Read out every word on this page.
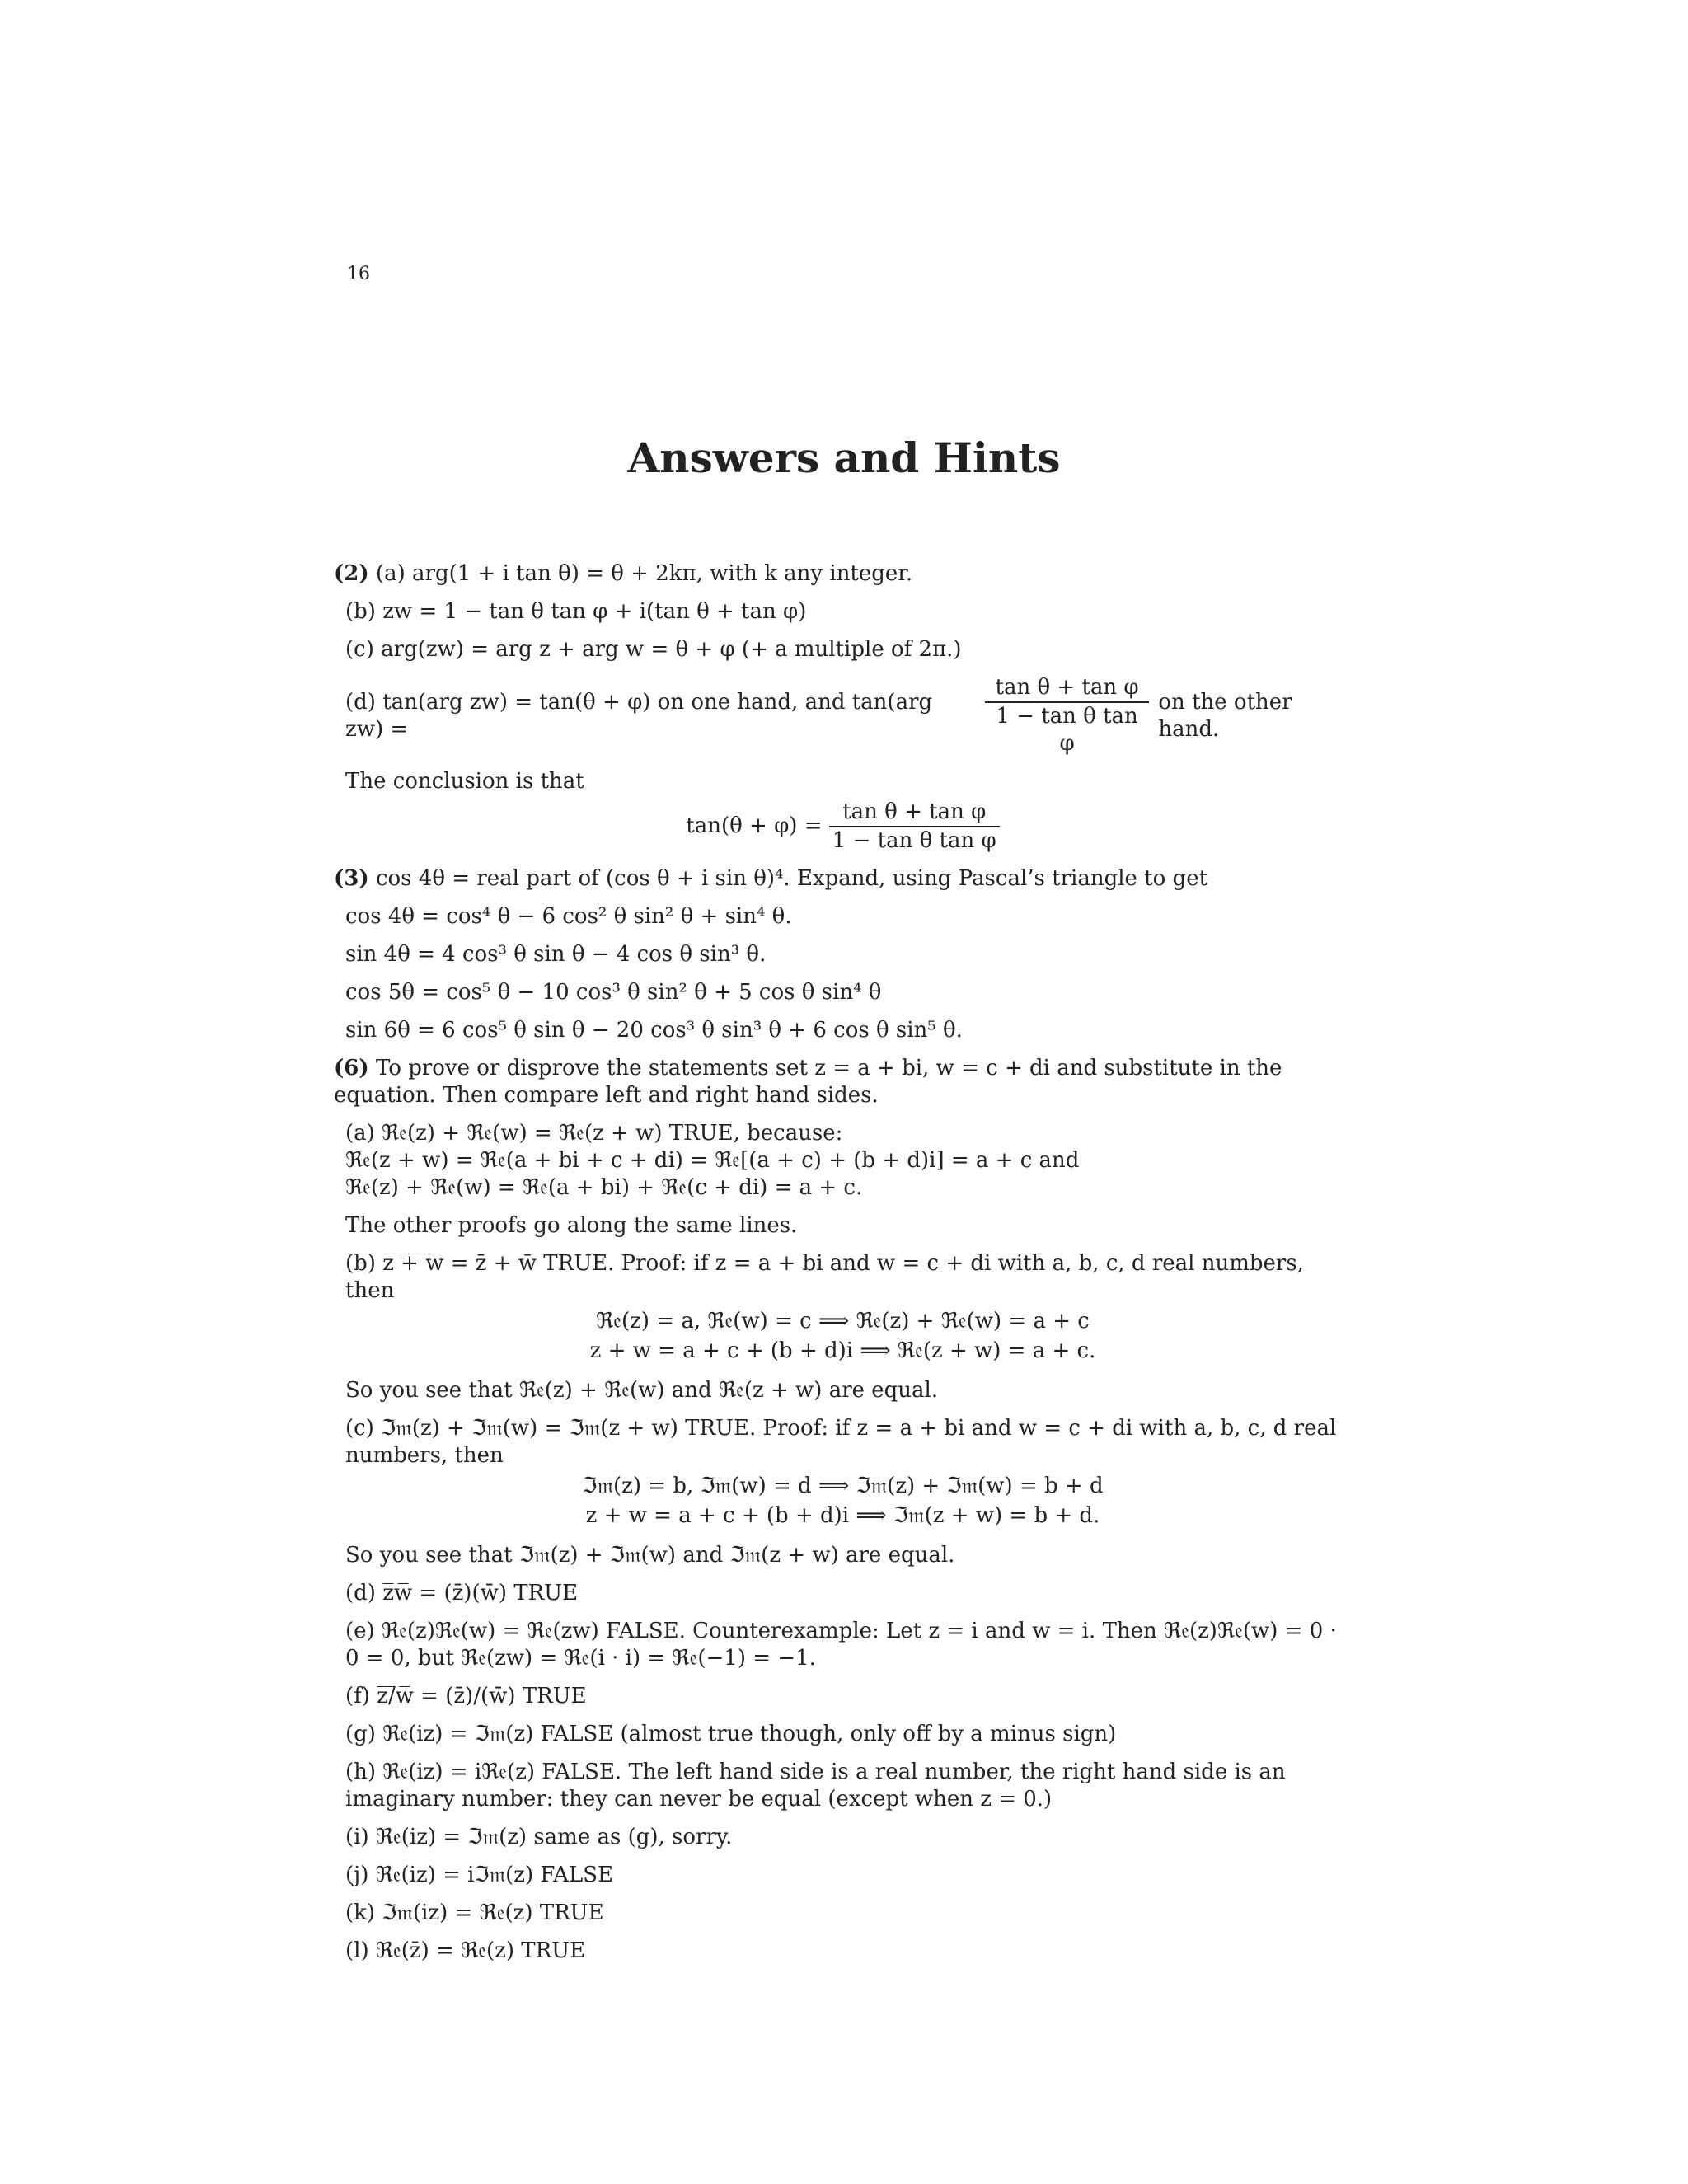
16
Answers and Hints
(2) (a) arg(1 + i tan θ) = θ + 2kπ, with k any integer.
(b) zw = 1 − tan θ tan φ + i(tan θ + tan φ)
(c) arg(zw) = arg z + arg w = θ + φ (+ a multiple of 2π.)
(d) tan(arg zw) = tan(θ + φ) on one hand, and tan(arg zw) =	$\frac{\text{tan θ + tan φ}}{\text{1 − tan θ tan φ}}$ on the other hand.
The conclusion is that
$\tan(\theta + \varphi) = \frac{\text{tan θ + tan φ}}{\text{1 − tan θ tan φ}}$
(3) cos 4θ = real part of (cos θ + i sin θ)⁴. Expand, using Pascal’s triangle to get
cos 4θ = cos⁴ θ − 6 cos² θ sin² θ + sin⁴ θ.
sin 4θ = 4 cos³ θ sin θ − 4 cos θ sin³ θ.
cos 5θ = cos⁵ θ − 10 cos³ θ sin² θ + 5 cos θ sin⁴ θ
sin 6θ = 6 cos⁵ θ sin θ − 20 cos³ θ sin³ θ + 6 cos θ sin⁵ θ.
(6) To prove or disprove the statements set z = a + bi, w = c + di and substitute in the equation. Then compare left and right hand sides.
(a) ℜ𝔢(z) + ℜ𝔢(w) = ℜ𝔢(z + w) TRUE, because:
ℜ𝔢(z + w) = ℜ𝔢(a + bi + c + di) = ℜ𝔢[(a + c) + (b + d)i] = a + c and
ℜ𝔢(z) + ℜ𝔢(w) = ℜ𝔢(a + bi) + ℜ𝔢(c + di) = a + c.
The other proofs go along the same lines.
(b) z̅ ̅+̅ ̅w̅ = z̄ + w̄ TRUE. Proof: if z = a + bi and w = c + di with a, b, c, d real numbers, then
ℜ𝔢(z) = a, ℜ𝔢(w) = c ⟹ ℜ𝔢(z) + ℜ𝔢(w) = a + c
z + w = a + c + (b + d)i ⟹ ℜ𝔢(z + w) = a + c.
So you see that ℜ𝔢(z) + ℜ𝔢(w) and ℜ𝔢(z + w) are equal.
(c) ℑ𝔪(z) + ℑ𝔪(w) = ℑ𝔪(z + w) TRUE. Proof: if z = a + bi and w = c + di with a, b, c, d real numbers, then
ℑ𝔪(z) = b, ℑ𝔪(w) = d ⟹ ℑ𝔪(z) + ℑ𝔪(w) = b + d
z + w = a + c + (b + d)i ⟹ ℑ𝔪(z + w) = b + d.
So you see that ℑ𝔪(z) + ℑ𝔪(w) and ℑ𝔪(z + w) are equal.
(d) z̅w̅ = (z̄)(w̄) TRUE
(e) ℜ𝔢(z)ℜ𝔢(w) = ℜ𝔢(zw) FALSE. Counterexample: Let z = i and w = i. Then ℜ𝔢(z)ℜ𝔢(w) = 0 · 0 = 0, but ℜ𝔢(zw) = ℜ𝔢(i · i) = ℜ𝔢(−1) = −1.
(f) z̅/̅w̅ = (z̄)/(w̄) TRUE
(g) ℜ𝔢(iz) = ℑ𝔪(z) FALSE (almost true though, only off by a minus sign)
(h) ℜ𝔢(iz) = iℜ𝔢(z) FALSE. The left hand side is a real number, the right hand side is an imaginary number: they can never be equal (except when z = 0.)
(i) ℜ𝔢(iz) = ℑ𝔪(z) same as (g), sorry.
(j) ℜ𝔢(iz) = iℑ𝔪(z) FALSE
(k) ℑ𝔪(iz) = ℜ𝔢(z) TRUE
(l) ℜ𝔢(z̄) = ℜ𝔢(z) TRUE
